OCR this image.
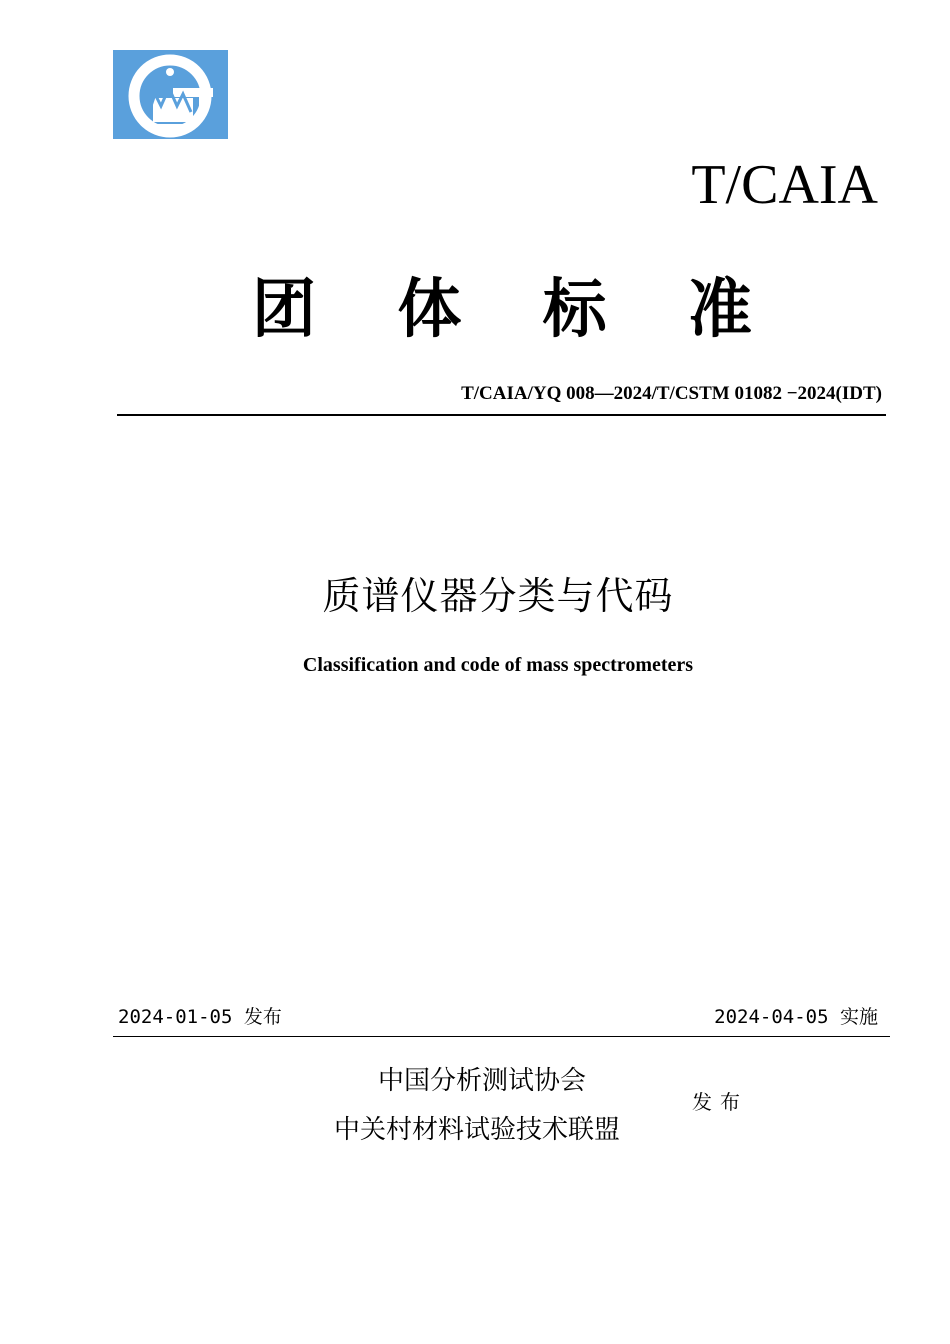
T/CAIA
团 体 标 准
T/CAIA/YQ 008—2024/T/CSTM 01082 −2024(IDT)
质谱仪器分类与代码
Classification and code of mass spectrometers
2024-01-05 发布	2024-04-05 实施
中国分析测试协会
中关村材料试验技术联盟
发布
